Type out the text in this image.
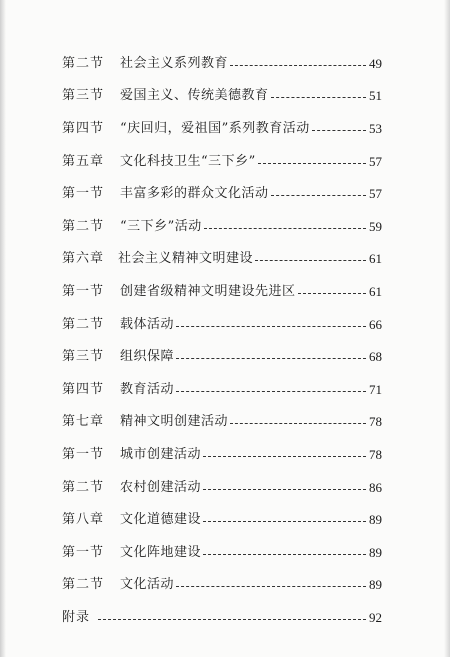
第二节	社会主义系列教育	49
第三节	爱国主义、传统美德教育	51
第四节	“庆回归，爱祖国”系列教育活动	53
第五章	文化科技卫生“三下乡”	57
第一节	丰富多彩的群众文化活动	57
第二节	“三下乡”活动	59
第六章	社会主义精神文明建设	61
第一节	创建省级精神文明建设先进区	61
第二节	载体活动	66
第三节	组织保障	68
第四节	教育活动	71
第七章	精神文明创建活动	78
第一节	城市创建活动	78
第二节	农村创建活动	86
第八章	文化道德建设	89
第一节	文化阵地建设	89
第二节	文化活动	89
附录	92
